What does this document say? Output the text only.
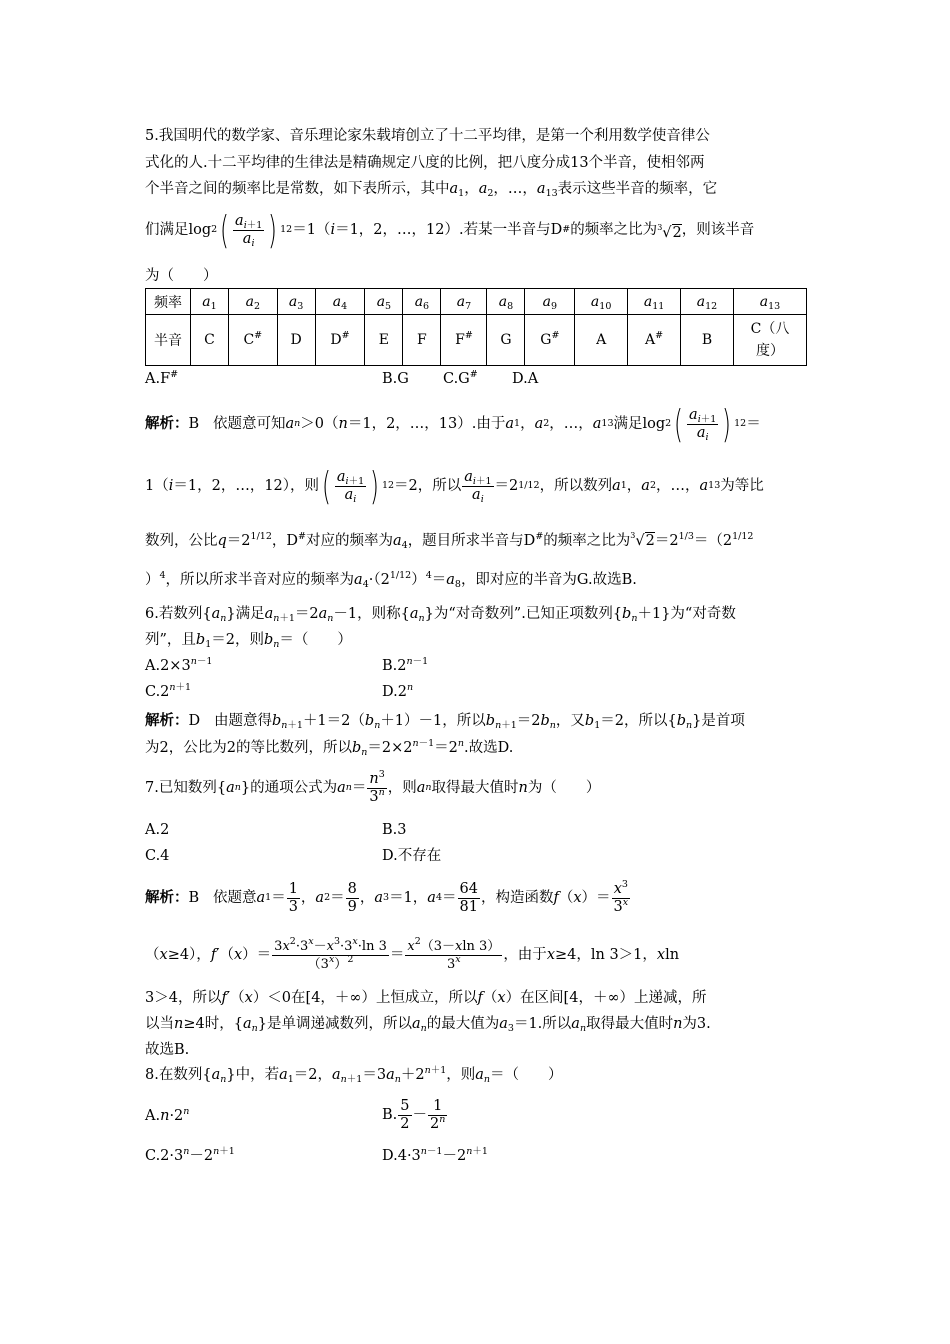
5.我国明代的数学家、音乐理论家朱载堉创立了十二平均律，是第一个利用数学使音律公
式化的人.十二平均律的生律法是精确规定八度的比例，把八度分成13个半音，使相邻两
个半音之间的频率比是常数，如下表所示，其中$a_1$，$a_2$，…，$a_{13}$表示这些半音的频率，它
们满足 log 2 ( $\frac{a_{i+1}}{a_i}$ ) 12 ＝1（ i ＝1，2，…，12）.若某一半音与D # 的频率之比为 $^3$√2 ，则该半音
为（　　）
频率	$a_1$	$a_2$	$a_3$	$a_4$	$a_5$	$a_6$	$a_7$	$a_8$	$a_9$	$a_{10}$	$a_{11}$	$a_{12}$	$a_{13}$
半音	C	C#	D	D#	E	F	F#	G	G#	A	A#	B	C（八
度）
A.F#	B.G C.G# D.A
解析： B
依题意可知 a n ＞0（ n ＝1，2，…，13）.由于 a 1 ， a 2 ，…， a 13 满足 log 2 ( $\frac{a_{i+1}}{a_i}$ ) 12 ＝
1（ i ＝1，2，…，12），则 ( $\frac{a_{i+1}}{a_i}$ ) 12 ＝2，所以 $\frac{a_{i+1}}{a_i} =2$ 1/12 ，所以数列 a 1 ， a 2 ，…， a 13 为等比
数列，公比$q=2^{1/12}$，D#对应的频率为$a_4$，题目所求半音与D#的频率之比为$^3√2=2^{1/3}=(2^{1/12}$
）$^4$，所以所求半音对应的频率为$a_4\cdot(2^{1/12})^4=a_8$，即对应的半音为G.故选B.
6.若数列$\{a_n\}$满足$a_{n+1}=2a_n-1$，则称$\{a_n\}$为“对奇数列”.已知正项数列$\{b_n+1\}$为“对奇数
列”，且$b_1=2$，则$b_n=$（　　）
$A.2\times 3^{n-1}$	$B.2^{n-1}$
$C.2^{n+1}$	D.2$^n$
解析：D 由题意得$b_{n+1}+1=2(b_n+1)-1$，所以$b_{n+1}=2b_n$，又$b_1=2$，所以$\{b_n\}$是首项
为2，公比为2的等比数列，所以$b_n=2\times 2^{n-1}=2^n$.故选D.
7.已知数列{ a n }的通项公式为 a $n = \frac{n^3}{3^n}$ ，则 a n 取得最大值时 n 为（　　）
A.2	B.3
C.4	D.不存在
解析： B
依题意 a $1 = \frac{1}{3}$ ， a $2 = \frac{8}{9}$ ， a 3 ＝1， a $4 = \frac{64}{81}$ ，构造函数 f （ x ）＝ $\frac{x^3}{3^x}$
（ x ≥4）， f ′ （ x ）＝ $\frac{3x^2\cdot 3^x-x^3\cdot 3^x\cdot\ln 3}{(3^x)^2} = \frac{x^2(3-xln 3)}{3^x}$ ，由于 x ≥4，ln 3＞1， x ln
3＞4，所以f′（x）＜0在[4，＋∞）上恒成立，所以f（x）在区间[4，＋∞）上递减，所
以当n≥4时，$\{a_n\}$是单调递减数列，所以$a_n$的最大值为$a_3=1$.所以$a_n$取得最大值时n为3.
故选B.
8.在数列$\{a_n\}$中，若$a_1=2$，$a_{n+1}=3a_n+2^{n+1}$，则$a_n=$（　　）
$A.n\cdot 2^n$	B. $\frac{5}{2} - \frac{1}{2^n}$
$C.2\cdot 3^n-2^{n+1}$	$D.4\cdot 3^{n-1}-2^{n+1}$
